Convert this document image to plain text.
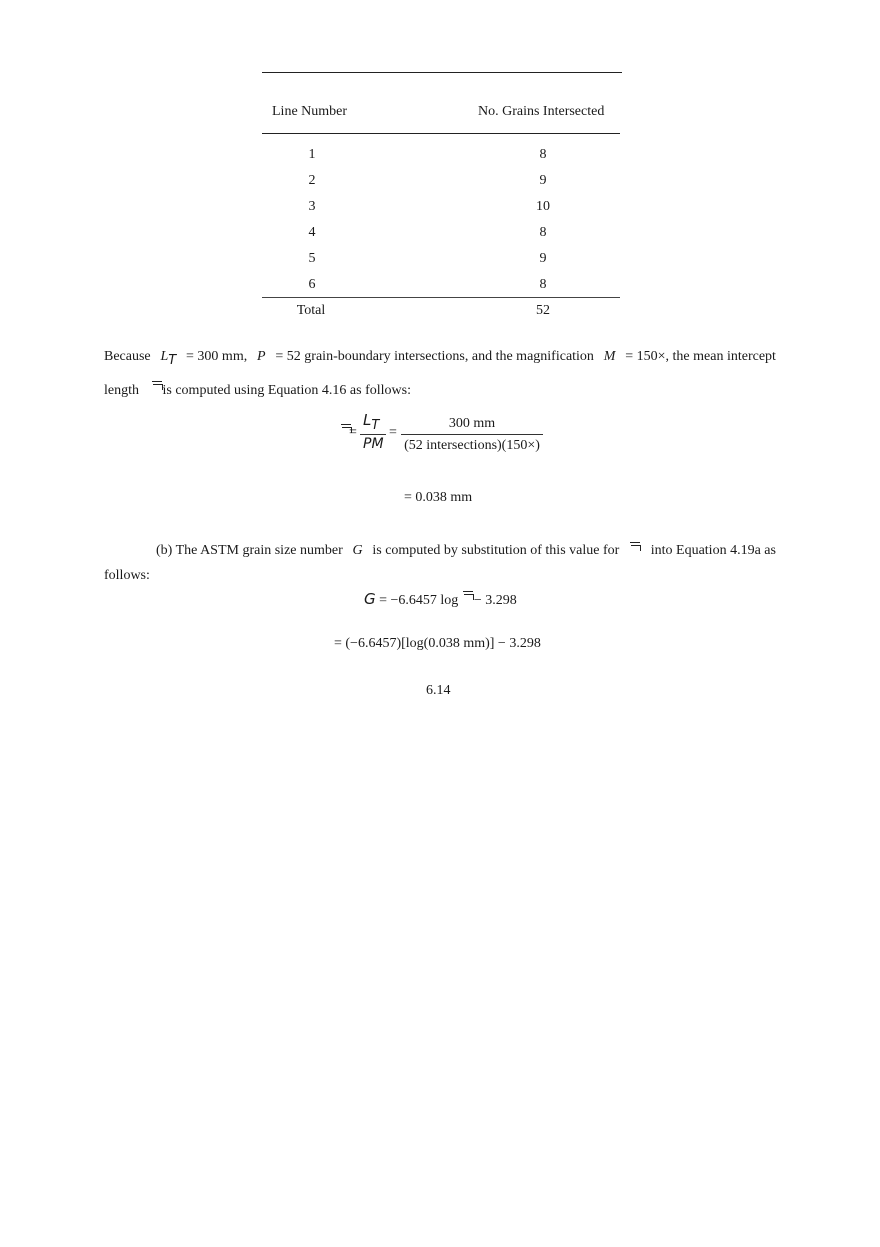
Line Number	No. Grains Intersected
1	8
2	9
3	10
4	8
5	9
6	8
Total	52
Because LT = 300 mm, P = 52 grain-boundary intersections, and the magnification M = 150×, the mean intercept
length is computed using Equation 4.16 as follows:
=
LT
PM
=
300 mm
(52 intersections)(150×)
= 0.038 mm
(b) The ASTM grain size number G is computed by substitution of this value for into Equation 4.19a as
follows:
G = −6.6457 log − 3.298
= (−6.6457)[log(0.038 mm)] − 3.298
6.14
